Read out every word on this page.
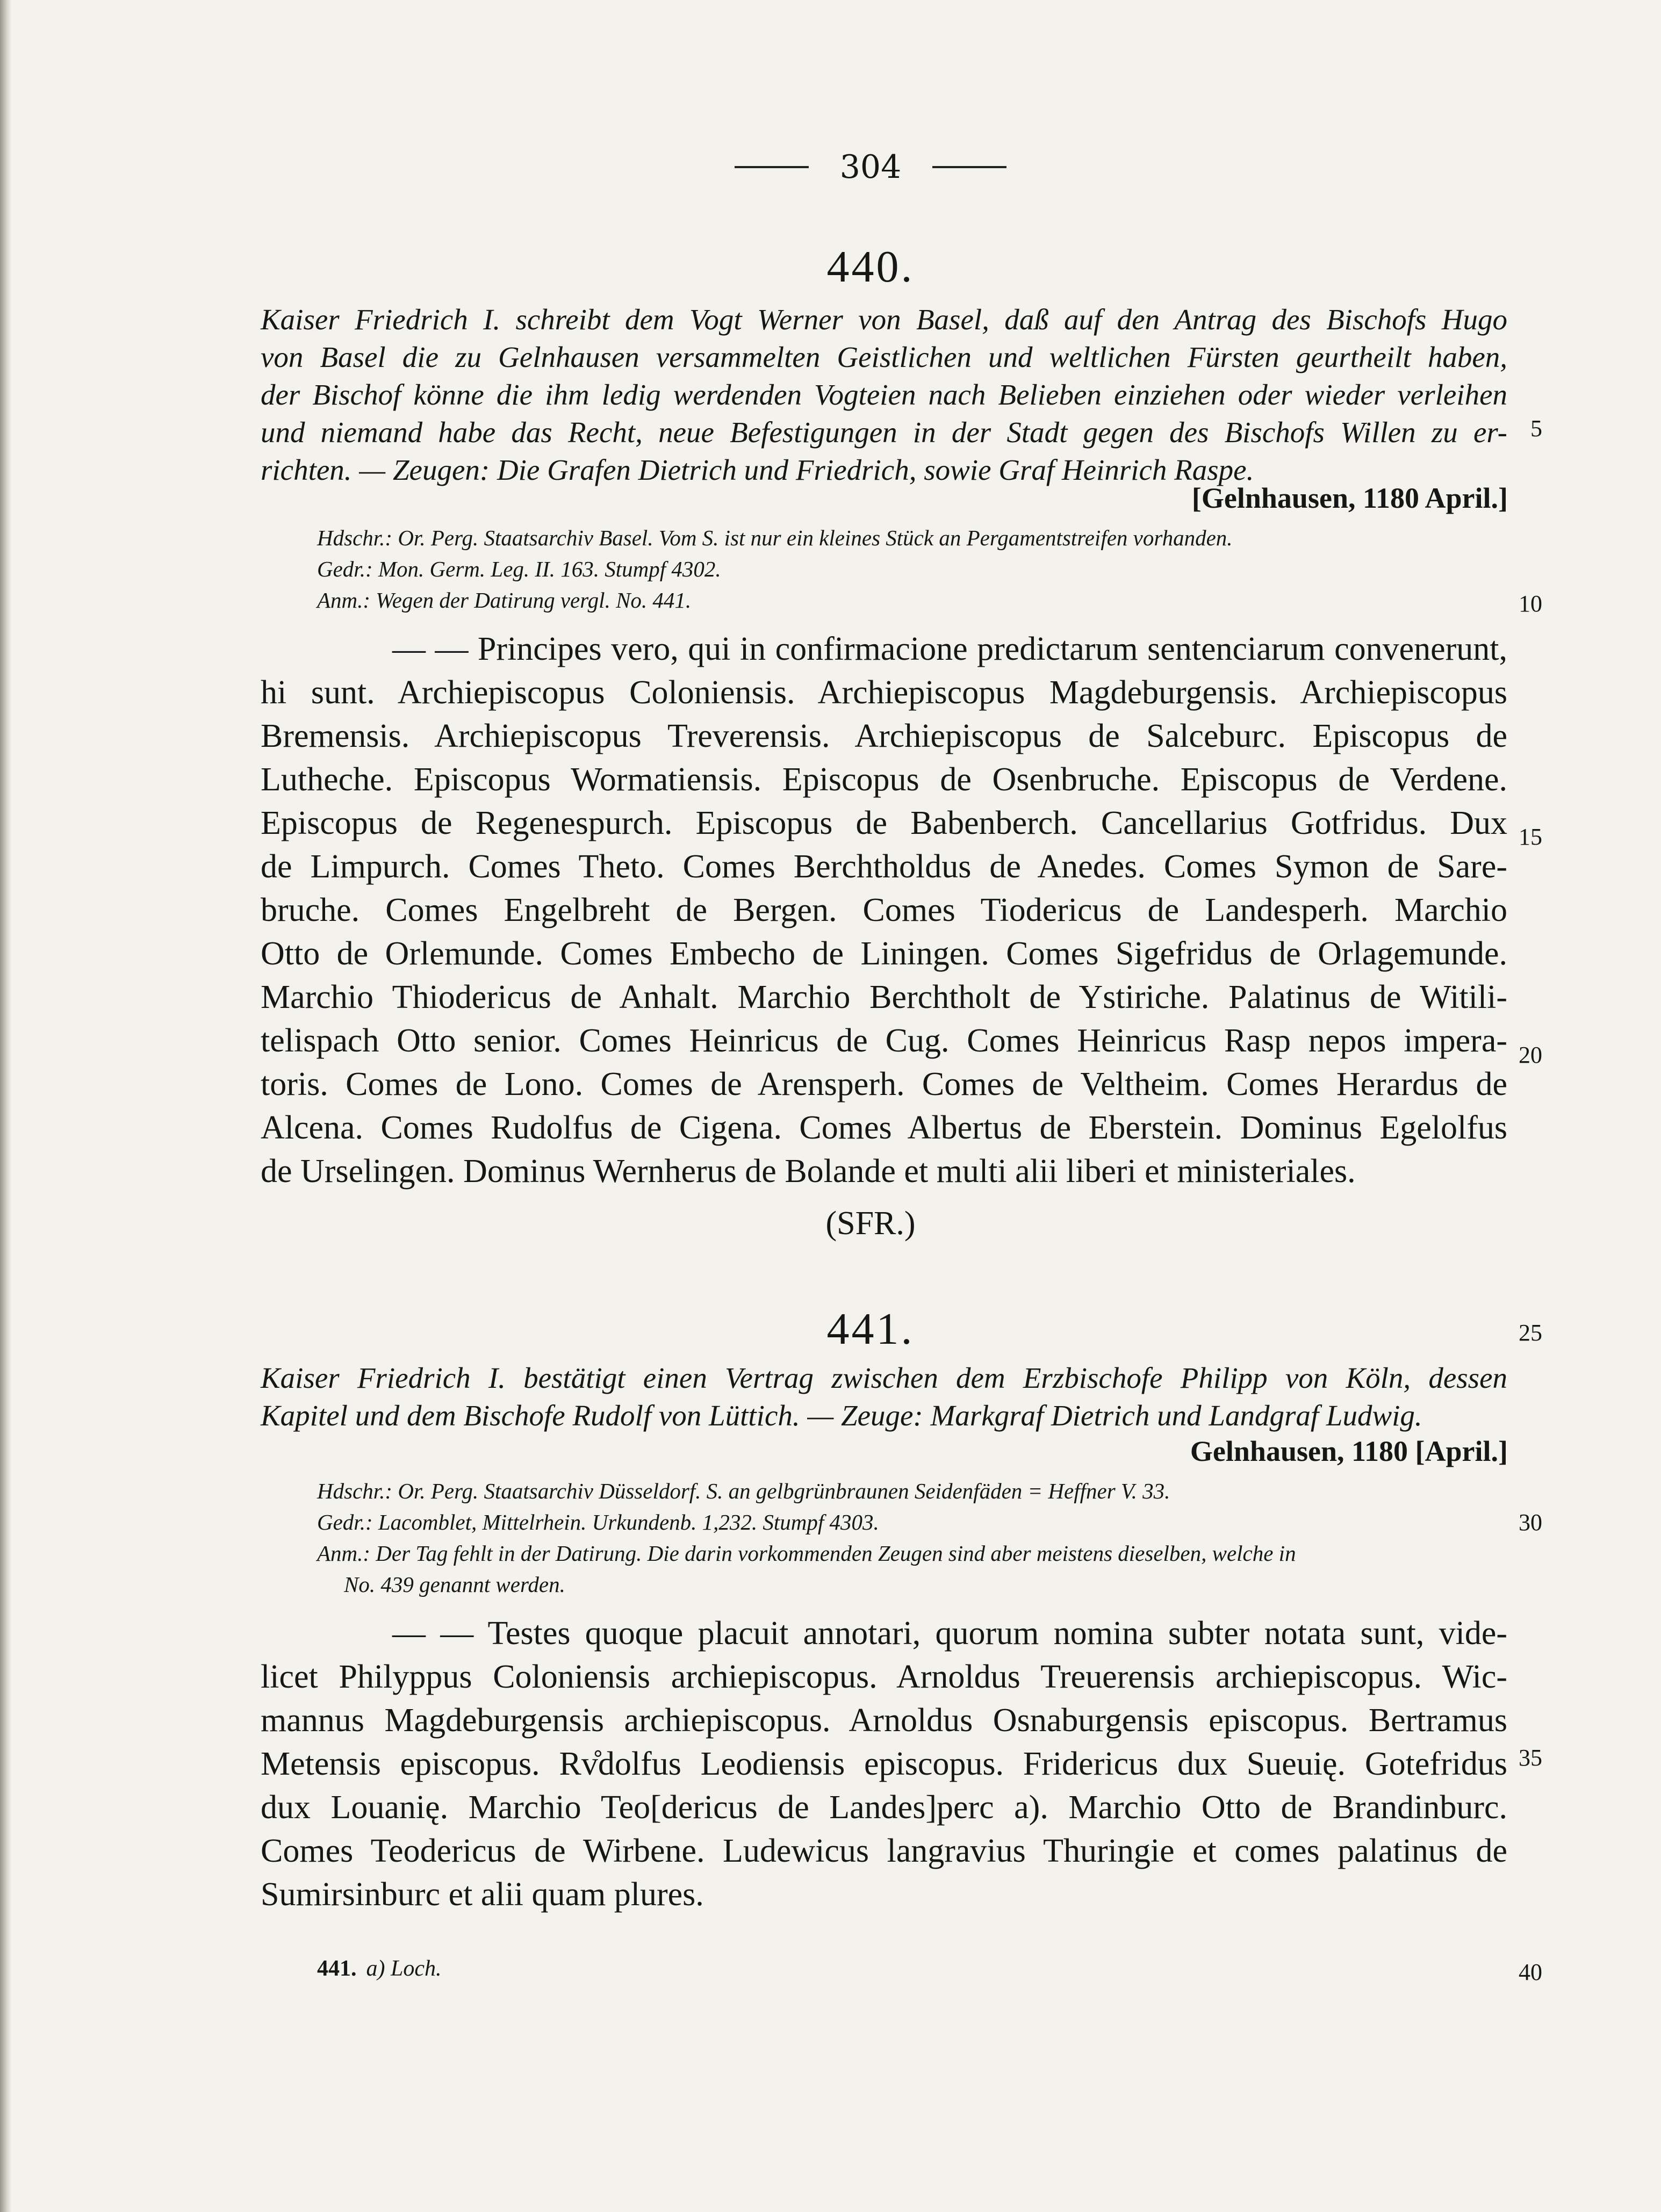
304
440.

Kaiser Friedrich I. schreibt dem Vogt Werner von Basel, daß auf den Antrag des Bischofs Hugo
von Basel die zu Gelnhausen versammelten Geistlichen und weltlichen Fürsten geurtheilt haben,
der Bischof könne die ihm ledig werdenden Vogteien nach Belieben einziehen oder wieder verleihen
und niemand habe das Recht, neue Befestigungen in der Stadt gegen des Bischofs Willen zu er-
richten. — Zeugen: Die Grafen Dietrich und Friedrich, sowie Graf Heinrich Raspe.

[Gelnhausen, 1180 April.]

Hdschr.: Or. Perg. Staatsarchiv Basel. Vom S. ist nur ein kleines Stück an Pergamentstreifen vorhanden.
Gedr.: Mon. Germ. Leg. II. 163. Stumpf 4302.
Anm.: Wegen der Datirung vergl. No. 441.

— — Principes vero, qui in confirmacione predictarum sentenciarum convenerunt,
hi sunt. Archiepiscopus Coloniensis. Archiepiscopus Magdeburgensis. Archiepiscopus
Bremensis. Archiepiscopus Treverensis. Archiepiscopus de Salceburc. Episcopus de
Lutheche. Episcopus Wormatiensis. Episcopus de Osenbruche. Episcopus de Verdene.
Episcopus de Regenespurch. Episcopus de Babenberch. Cancellarius Gotfridus. Dux
de Limpurch. Comes Theto. Comes Berchtholdus de Anedes. Comes Symon de Sare-
bruche. Comes Engelbreht de Bergen. Comes Tiodericus de Landesperh. Marchio
Otto de Orlemunde. Comes Embecho de Liningen. Comes Sigefridus de Orlagemunde.
Marchio Thiodericus de Anhalt. Marchio Berchtholt de Ystiriche. Palatinus de Witili-
telispach Otto senior. Comes Heinricus de Cug. Comes Heinricus Rasp nepos impera-
toris. Comes de Lono. Comes de Arensperh. Comes de Veltheim. Comes Herardus de
Alcena. Comes Rudolfus de Cigena. Comes Albertus de Eberstein. Dominus Egelolfus
de Urselingen. Dominus Wernherus de Bolande et multi alii liberi et ministeriales.

(SFR.)
441.

Kaiser Friedrich I. bestätigt einen Vertrag zwischen dem Erzbischofe Philipp von Köln, dessen
Kapitel und dem Bischofe Rudolf von Lüttich. — Zeuge: Markgraf Dietrich und Landgraf Ludwig.

Gelnhausen, 1180 [April.]

Hdschr.: Or. Perg. Staatsarchiv Düsseldorf. S. an gelbgrünbraunen Seidenfäden = Heffner V. 33.
Gedr.: Lacomblet, Mittelrhein. Urkundenb. 1,232. Stumpf 4303.
Anm.: Der Tag fehlt in der Datirung. Die darin vorkommenden Zeugen sind aber meistens dieselben, welche in
No. 439 genannt werden.

— — Testes quoque placuit annotari, quorum nomina subter notata sunt, vide-
licet Philyppus Coloniensis archiepiscopus. Arnoldus Treuerensis archiepiscopus. Wic-
mannus Magdeburgensis archiepiscopus. Arnoldus Osnaburgensis episcopus. Bertramus
Metensis episcopus. Rv̊dolfus Leodiensis episcopus. Fridericus dux Sueuię. Gotefridus
dux Louanię. Marchio Teo[dericus de Landes]perc a). Marchio Otto de Brandinburc.
Comes Teodericus de Wirbene. Ludewicus langravius Thuringie et comes palatinus de
Sumirsinburc et alii quam plures.

441. a) Loch.
5
10
15
20
25
30
35
40
